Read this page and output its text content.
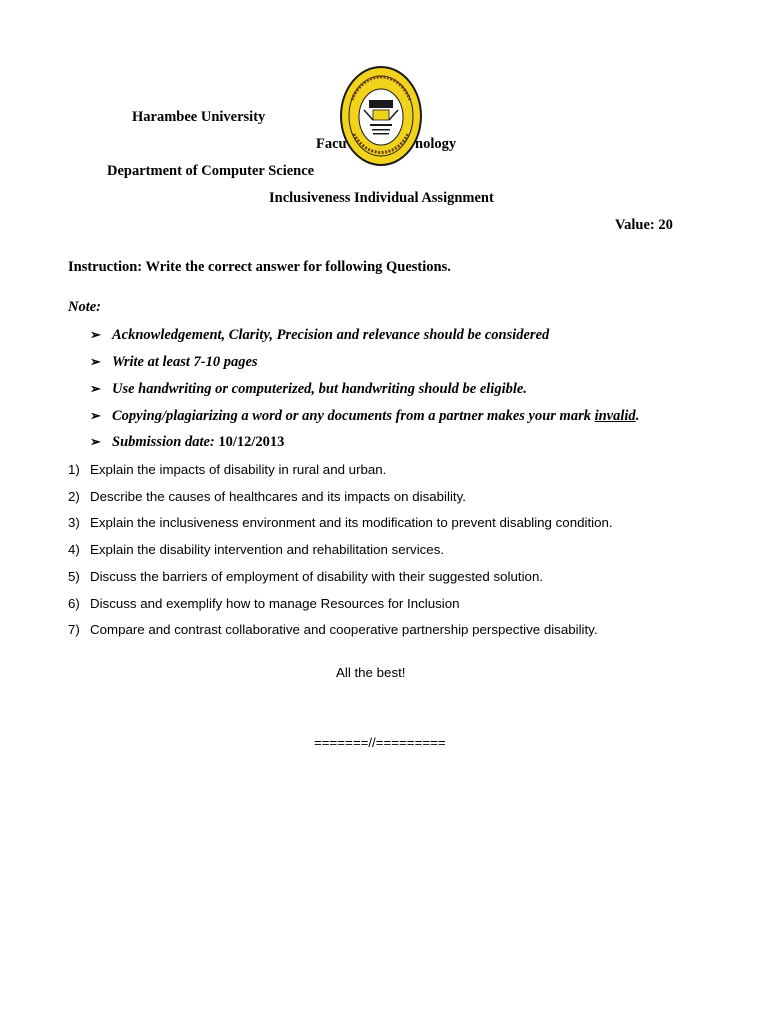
Harambee University
Facu	nology
Department of Computer Science
Inclusiveness Individual Assignment
Value: 20
Instruction: Write the correct answer for following Questions.
Note:
➢ Acknowledgement, Clarity, Precision and relevance should be considered
➢ Write at least 7-10 pages
➢ Use handwriting or computerized, but handwriting should be eligible.
➢ Copying/plagiarizing a word or any documents from a partner makes your mark invalid.
➢ Submission date: 10/12/2013
1) Explain the impacts of disability in rural and urban.
2) Describe the causes of healthcares and its impacts on disability.
3) Explain the inclusiveness environment and its modification to prevent disabling condition.
4) Explain the disability intervention and rehabilitation services.
5) Discuss the barriers of employment of disability with their suggested solution.
6) Discuss and exemplify how to manage Resources for Inclusion
7) Compare and contrast collaborative and cooperative partnership perspective disability.
All the best!
=======//=========
